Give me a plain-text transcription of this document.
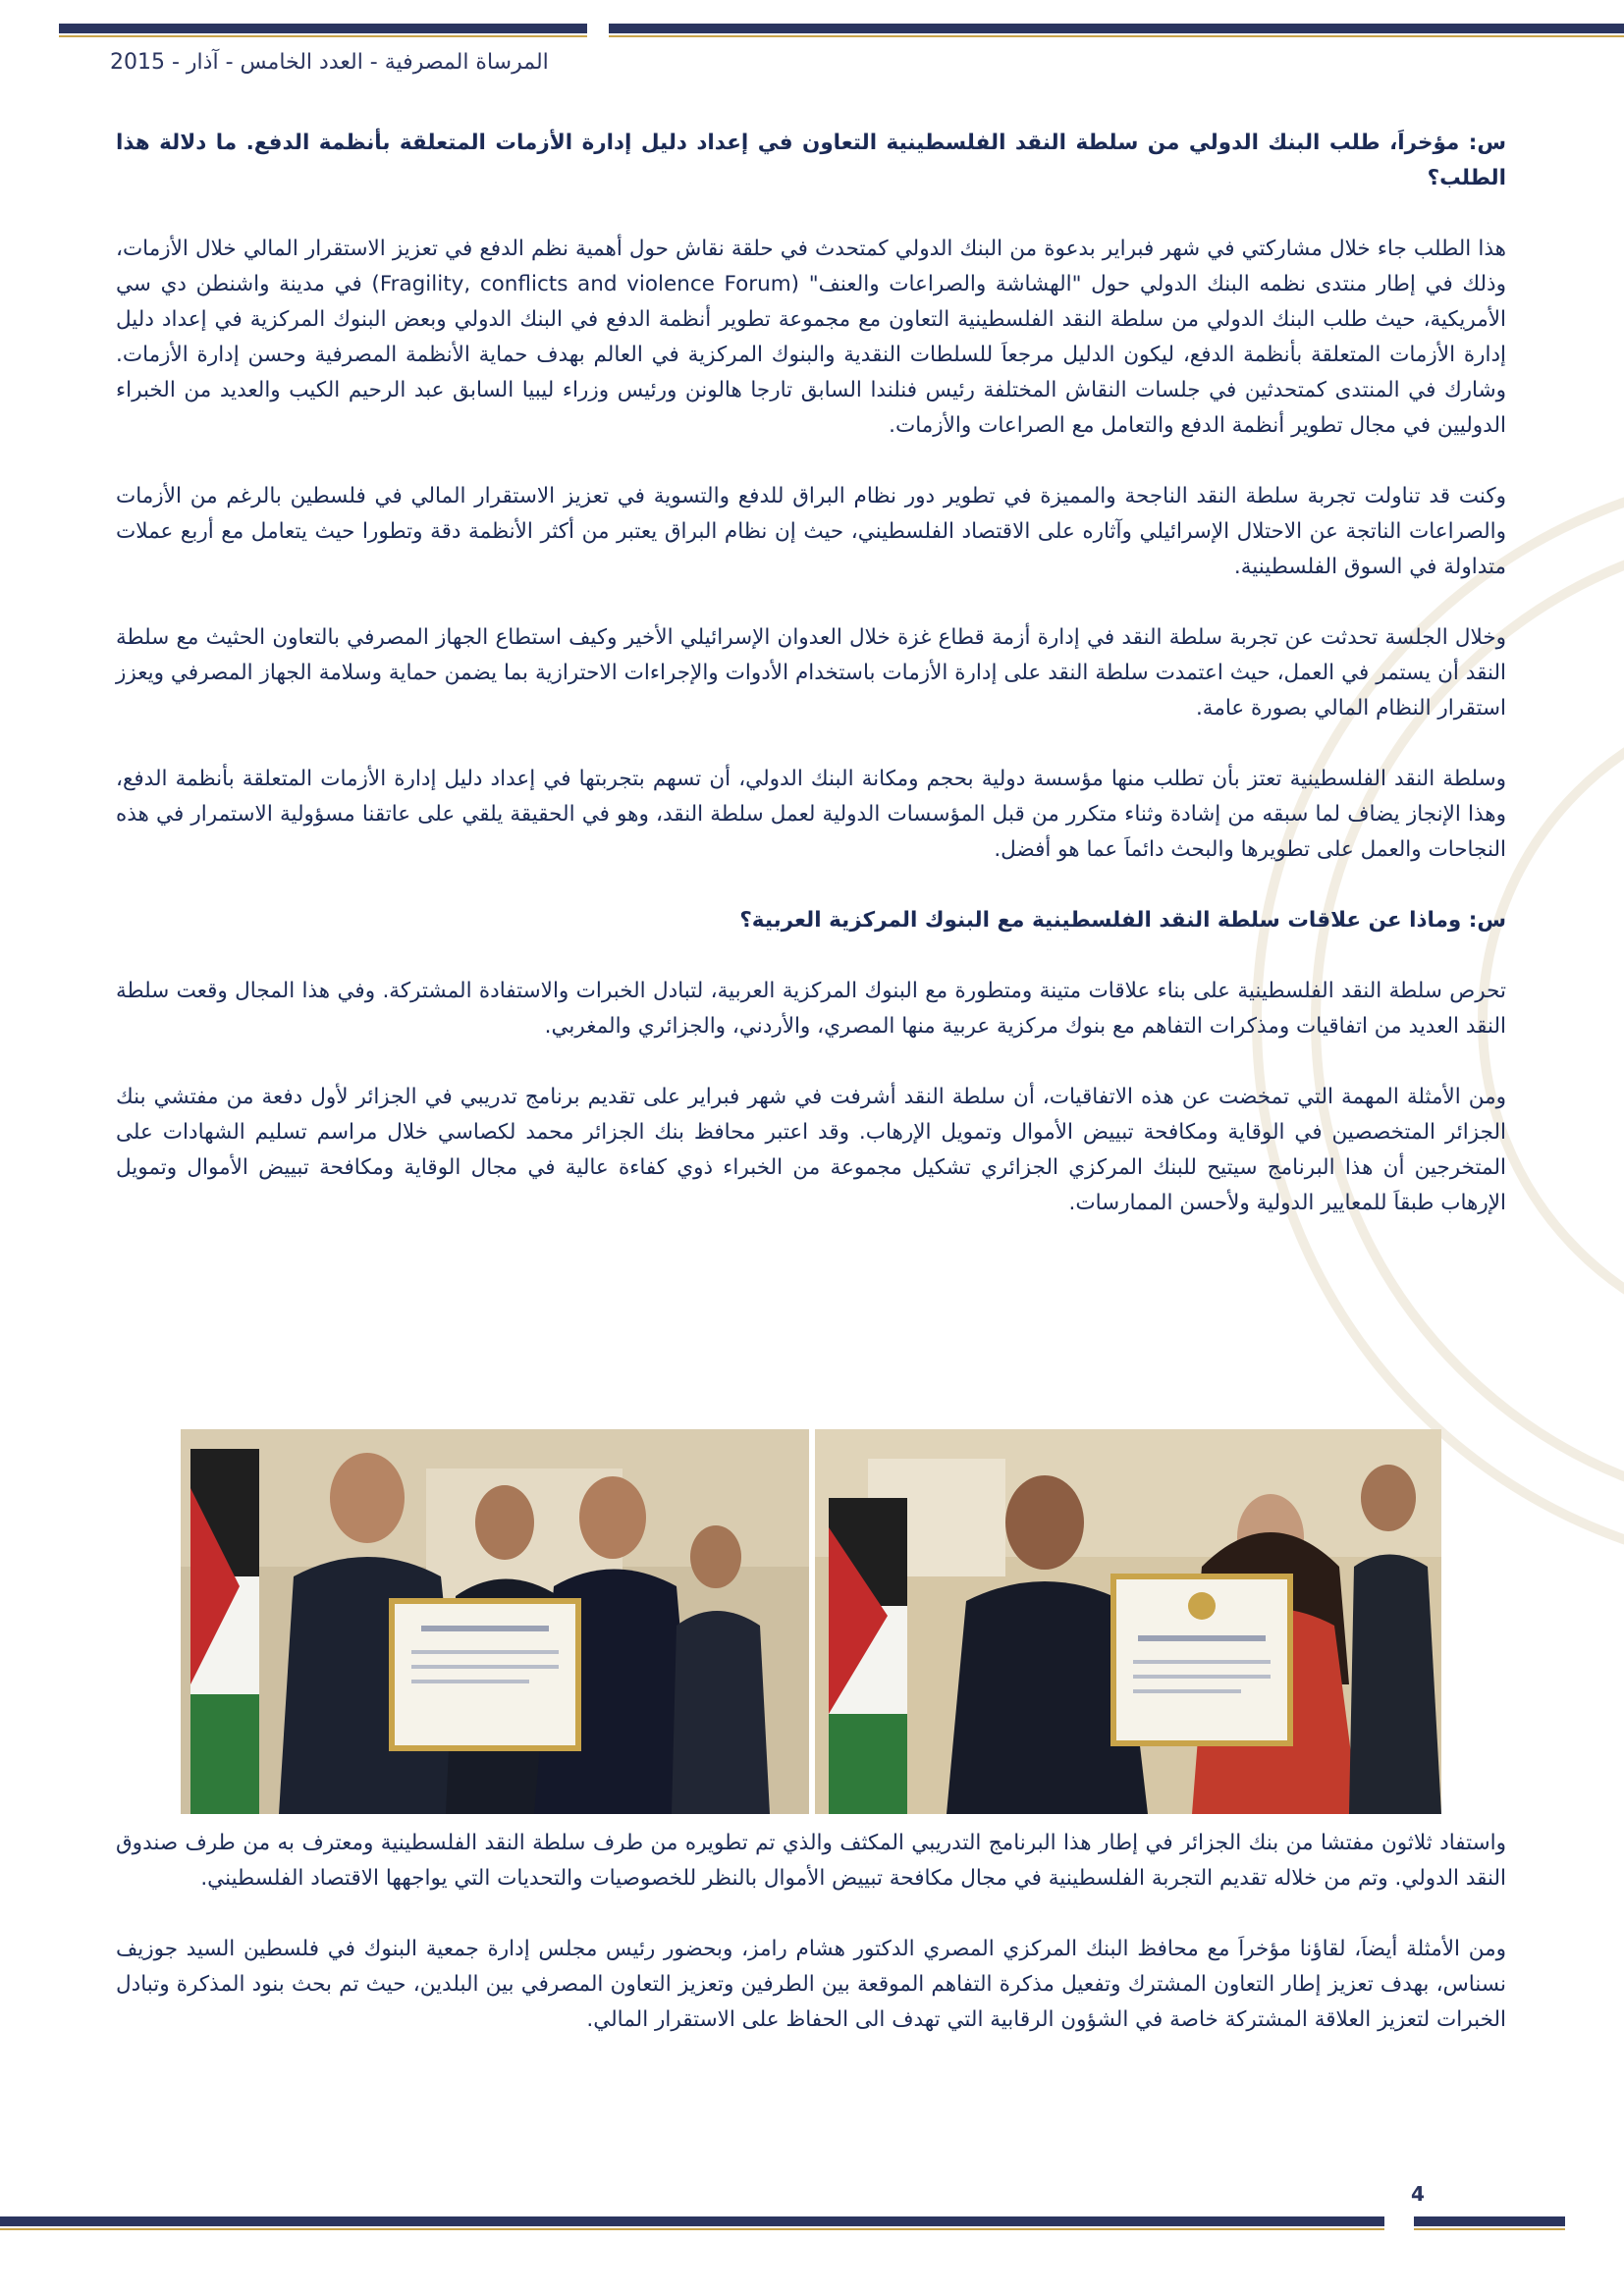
المرساة المصرفية - العدد الخامس - آذار - 2015

س: مؤخراَ، طلب البنك الدولي من سلطة النقد الفلسطينية التعاون في إعداد دليل إدارة الأزمات المتعلقة بأنظمة الدفع. ما دلالة هذا الطلب؟

هذا الطلب جاء خلال مشاركتي في شهر فبراير بدعوة من البنك الدولي كمتحدث في حلقة نقاش حول أهمية نظم الدفع في تعزيز الاستقرار المالي خلال الأزمات، وذلك في إطار منتدى نظمه البنك الدولي حول "الهشاشة والصراعات والعنف" (Fragility, conflicts and violence Forum) في مدينة واشنطن دي سي الأمريكية، حيث طلب البنك الدولي من سلطة النقد الفلسطينية التعاون مع مجموعة تطوير أنظمة الدفع في البنك الدولي وبعض البنوك المركزية في إعداد دليل إدارة الأزمات المتعلقة بأنظمة الدفع، ليكون الدليل مرجعاَ للسلطات النقدية والبنوك المركزية في العالم بهدف حماية الأنظمة المصرفية وحسن إدارة الأزمات. وشارك في المنتدى كمتحدثين في جلسات النقاش المختلفة رئيس فنلندا السابق تارجا هالونن ورئيس وزراء ليبيا السابق عبد الرحيم الكيب والعديد من الخبراء الدوليين في مجال تطوير أنظمة الدفع والتعامل مع الصراعات والأزمات.

وكنت قد تناولت تجربة سلطة النقد الناجحة والمميزة في تطوير دور نظام البراق للدفع والتسوية في تعزيز الاستقرار المالي في فلسطين بالرغم من الأزمات والصراعات الناتجة عن الاحتلال الإسرائيلي وآثاره على الاقتصاد الفلسطيني، حيث إن نظام البراق يعتبر من أكثر الأنظمة دقة وتطورا حيث يتعامل مع أربع عملات متداولة في السوق الفلسطينية.

وخلال الجلسة تحدثت عن تجربة سلطة النقد في إدارة أزمة قطاع غزة خلال العدوان الإسرائيلي الأخير وكيف استطاع الجهاز المصرفي بالتعاون الحثيث مع سلطة النقد أن يستمر في العمل، حيث اعتمدت سلطة النقد على إدارة الأزمات باستخدام الأدوات والإجراءات الاحترازية بما يضمن حماية وسلامة الجهاز المصرفي ويعزز استقرار النظام المالي بصورة عامة.

وسلطة النقد الفلسطينية تعتز بأن تطلب منها مؤسسة دولية بحجم ومكانة البنك الدولي، أن تسهم بتجربتها في إعداد دليل إدارة الأزمات المتعلقة بأنظمة الدفع، وهذا الإنجاز يضاف لما سبقه من إشادة وثناء متكرر من قبل المؤسسات الدولية لعمل سلطة النقد، وهو في الحقيقة يلقي على عاتقنا مسؤولية الاستمرار في هذه النجاحات والعمل على تطويرها والبحث دائماَ عما هو أفضل.

س: وماذا عن علاقات سلطة النقد الفلسطينية مع البنوك المركزية العربية؟

تحرص سلطة النقد الفلسطينية على بناء علاقات متينة ومتطورة مع البنوك المركزية العربية، لتبادل الخبرات والاستفادة المشتركة. وفي هذا المجال وقعت سلطة النقد العديد من اتفاقيات ومذكرات التفاهم مع بنوك مركزية عربية منها المصري، والأردني، والجزائري والمغربي.

ومن الأمثلة المهمة التي تمخضت عن هذه الاتفاقيات، أن سلطة النقد أشرفت في شهر فبراير على تقديم برنامج تدريبي في الجزائر لأول دفعة من مفتشي بنك الجزائر المتخصصين في الوقاية ومكافحة تبييض الأموال وتمويل الإرهاب. وقد اعتبر محافظ بنك الجزائر محمد لكصاسي خلال مراسم تسليم الشهادات على المتخرجين أن هذا البرنامج سيتيح للبنك المركزي الجزائري تشكيل مجموعة من الخبراء ذوي كفاءة عالية في مجال الوقاية ومكافحة تبييض الأموال وتمويل الإرهاب طبقاَ للمعايير الدولية ولأحسن الممارسات.

واستفاد ثلاثون مفتشا من بنك الجزائر في إطار هذا البرنامج التدريبي المكثف والذي تم تطويره من طرف سلطة النقد الفلسطينية ومعترف به من طرف صندوق النقد الدولي. وتم من خلاله تقديم التجربة الفلسطينية في مجال مكافحة تبييض الأموال بالنظر للخصوصيات والتحديات التي يواجهها الاقتصاد الفلسطيني.

ومن الأمثلة أيضاَ، لقاؤنا مؤخراَ مع محافظ البنك المركزي المصري الدكتور هشام رامز، وبحضور رئيس مجلس إدارة جمعية البنوك في فلسطين السيد جوزيف نسناس، بهدف تعزيز إطار التعاون المشترك وتفعيل مذكرة التفاهم الموقعة بين الطرفين وتعزيز التعاون المصرفي بين البلدين، حيث تم بحث بنود المذكرة وتبادل الخبرات لتعزيز العلاقة المشتركة خاصة في الشؤون الرقابية التي تهدف الى الحفاظ على الاستقرار المالي.

4
